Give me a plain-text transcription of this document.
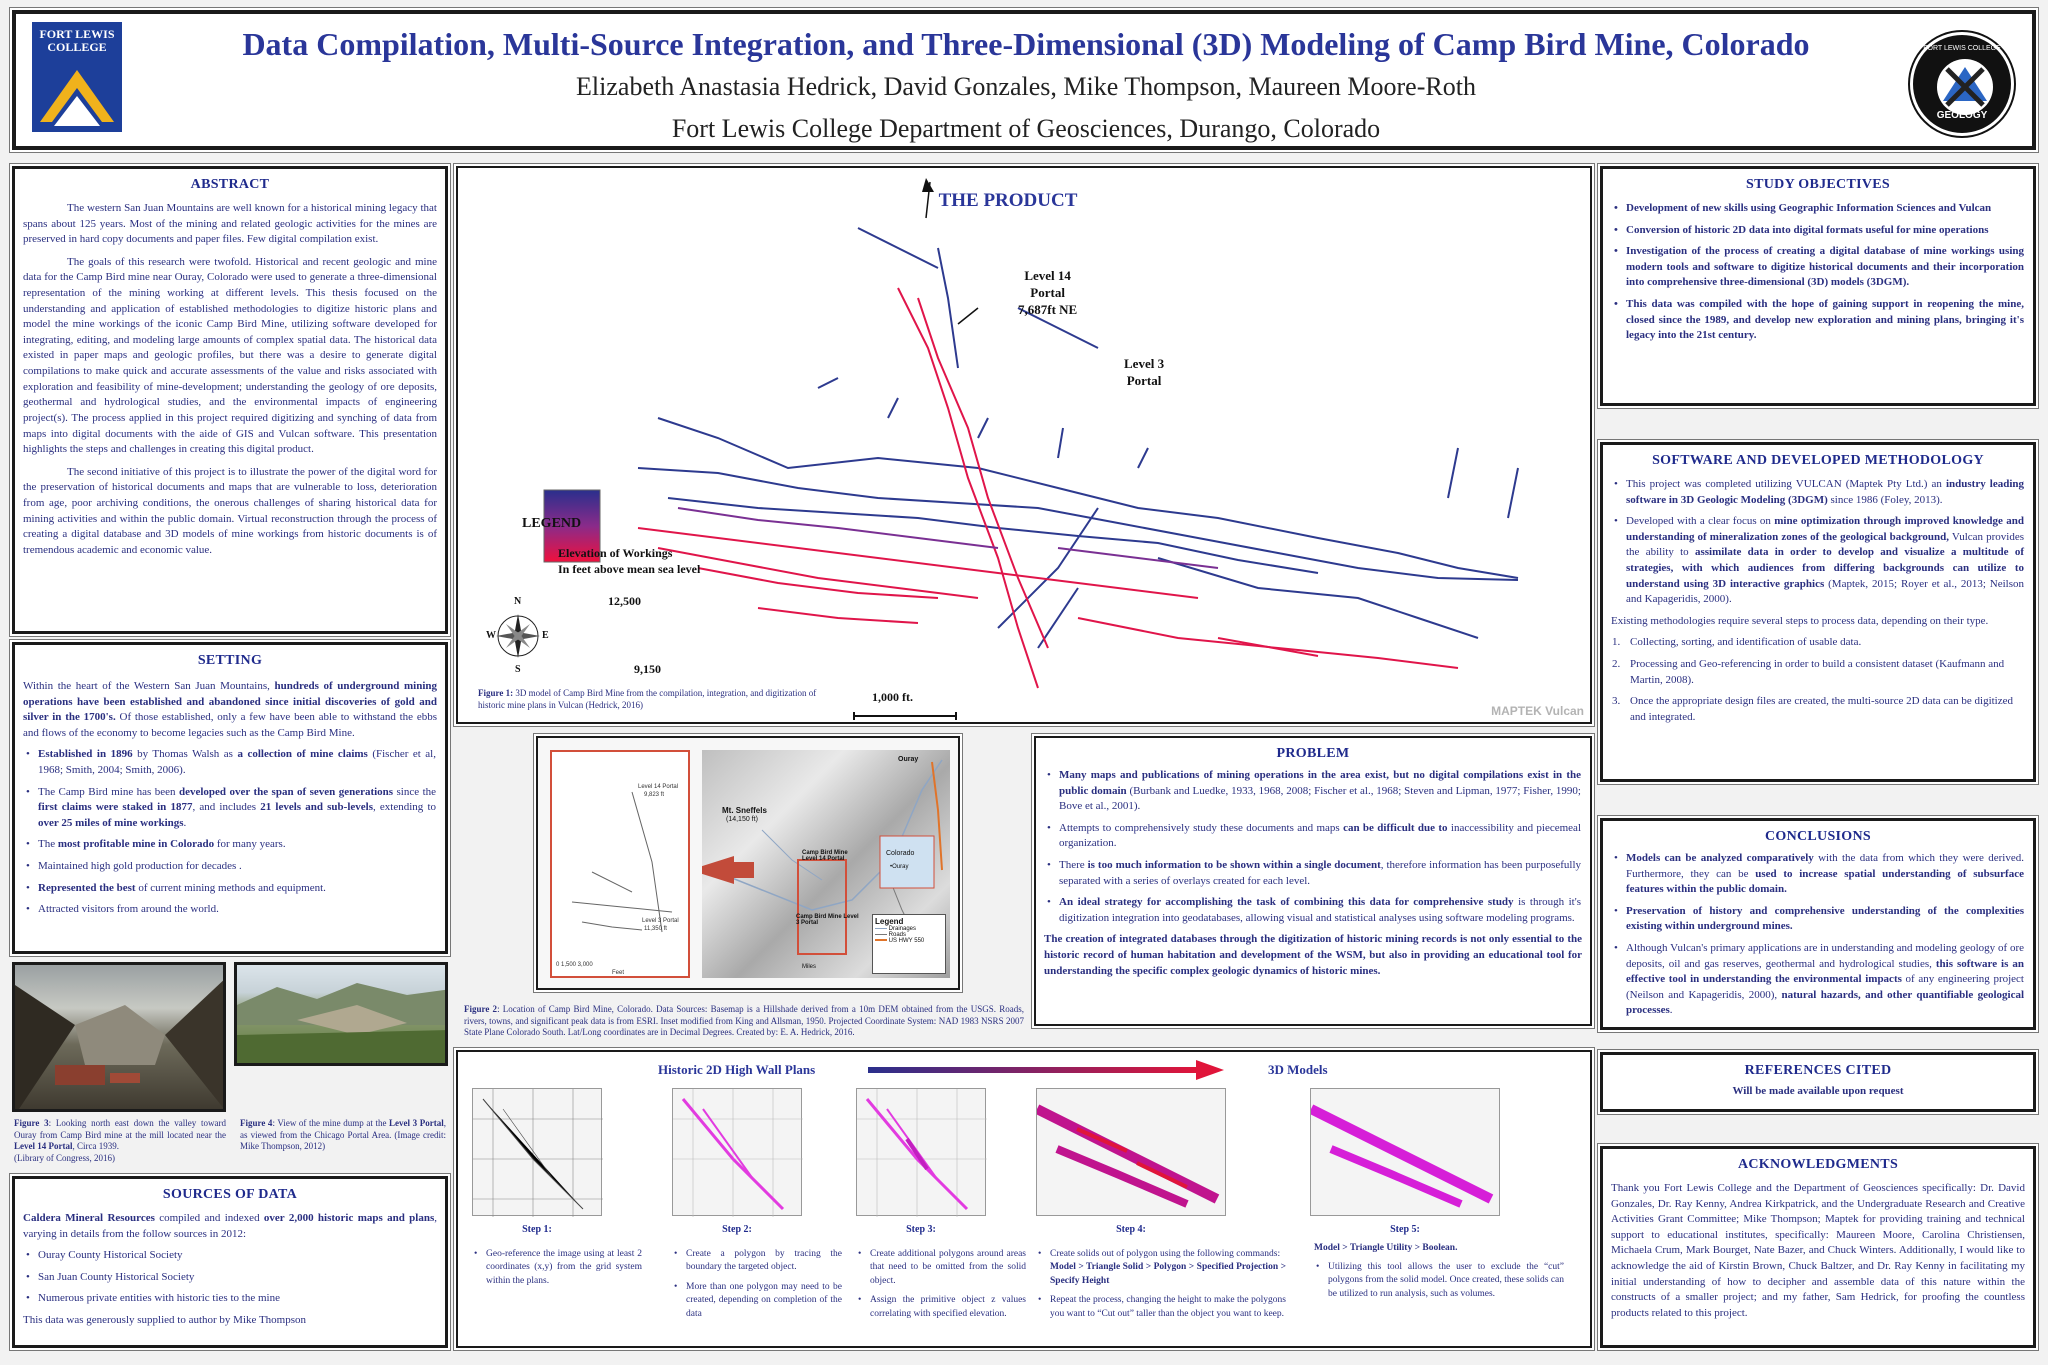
FORT LEWIS COLLEGE	Data Compilation, Multi-Source Integration, and Three-Dimensional (3D) Modeling of Camp Bird Mine, Colorado
Elizabeth Anastasia Hedrick, David Gonzales, Mike Thompson, Maureen Moore-Roth
Fort Lewis College Department of Geosciences, Durango, Colorado
FORT LEWIS COLLEGE
GEOLOGY
ABSTRACT

The western San Juan Mountains are well known for a historical mining legacy that spans about 125 years. Most of the mining and related geologic activities for the mines are preserved in hard copy documents and paper files. Few digital compilation exist.

The goals of this research were twofold. Historical and recent geologic and mine data for the Camp Bird mine near Ouray, Colorado were used to generate a three-dimensional representation of the mining working at different levels. This thesis focused on the understanding and application of established methodologies to digitize historic plans and model the mine workings of the iconic Camp Bird Mine, utilizing software developed for integrating, editing, and modeling large amounts of complex spatial data. The historical data existed in paper maps and geologic profiles, but there was a desire to generate digital compilations to make quick and accurate assessments of the value and risks associated with exploration and feasibility of mine-development; understanding the geology of ore deposits, geothermal and hydrological studies, and the environmental impacts of engineering project(s). The process applied in this project required digitizing and synching of data from maps into digital documents with the aide of GIS and Vulcan software. This presentation highlights the steps and challenges in creating this digital product.

The second initiative of this project is to illustrate the power of the digital word for the preservation of historical documents and maps that are vulnerable to loss, deterioration from age, poor archiving conditions, the onerous challenges of sharing historical data for mining activities and within the public domain. Virtual reconstruction through the process of creating a digital database and 3D models of mine workings from historic documents is of tremendous academic and economic value.

SETTING
Within the heart of the Western San Juan Mountains, hundreds of underground mining operations have been established and abandoned since initial discoveries of gold and silver in the 1700's. Of those established, only a few have been able to withstand the ebbs and flows of the economy to become legacies such as the Camp Bird Mine.
• Established in 1896 by Thomas Walsh as a collection of mine claims (Fischer et al, 1968; Smith, 2004; Smith, 2006).
• The Camp Bird mine has been developed over the span of seven generations since the first claims were staked in 1877, and includes 21 levels and sub-levels, extending to over 25 miles of mine workings.
• The most profitable mine in Colorado for many years.
• Maintained high gold production for decades .
• Represented the best of current mining methods and equipment.
• Attracted visitors from around the world.
Figure 3: Looking north east down the valley toward Ouray from Camp Bird mine at the mill located near the Level 14 Portal, Circa 1939.
(Library of Congress, 2016)
Figure 4: View of the mine dump at the Level 3 Portal, as viewed from the Chicago Portal Area. (Image credit: Mike Thompson, 2012)
SOURCES OF DATA
Caldera Mineral Resources compiled and indexed over 2,000 historic maps and plans, varying in details from the follow sources in 2012:
• Ouray County Historical Society
• San Juan County Historical Society
• Numerous private entities with historic ties to the mine
This data was generously supplied to author by Mike Thompson
THE PRODUCT
Level 14
Portal
7,687ft NE
Level 3
Portal
LEGEND
Elevation of Workings
In feet above mean sea level
12,500
9,150
N
S
E
W
1,000 ft.
Figure 1: 3D model of Camp Bird Mine from the compilation, integration, and digitization of historic mine plans in Vulcan (Hedrick, 2016)	MAPTEK Vulcan
Level 14 Portal
9,823 ft
Level 3 Portal
11,350 ft
0 1,500 3,000
Feet
Ouray
Mt. Sneffels
(14,150 ft)
Camp Bird Mine Level 14 Portal
Camp Bird Mine Level 3 Portal
Colorado
•Ouray
Legend
Drainages
Roads
US HWY 550
Miles
Figure 2: Location of Camp Bird Mine, Colorado. Data Sources: Basemap is a Hillshade derived from a 10m DEM obtained from the USGS. Roads, rivers, towns, and significant peak data is from ESRI. Inset modified from King and Allsman, 1950. Projected Coordinate System: NAD 1983 NSRS 2007 State Plane Colorado South. Lat/Long coordinates are in Decimal Degrees. Created by: E. A. Hedrick, 2016.
PROBLEM
• Many maps and publications of mining operations in the area exist, but no digital compilations exist in the public domain (Burbank and Luedke, 1933, 1968, 2008; Fischer et al., 1968; Steven and Lipman, 1977; Fisher, 1990; Bove et al., 2001).
• Attempts to comprehensively study these documents and maps can be difficult due to inaccessibility and piecemeal organization.
• There is too much information to be shown within a single document, therefore information has been purposefully separated with a series of overlays created for each level.
• An ideal strategy for accomplishing the task of combining this data for comprehensive study is through it's digitization integration into geodatabases, allowing visual and statistical analyses using software modeling programs.
The creation of integrated databases through the digitization of historic mining records is not only essential to the historic record of human habitation and development of the WSM, but also in providing an educational tool for understanding the specific complex geologic dynamics of historic mines.
Historic 2D High Wall Plans	3D Models
Step 1:
• Geo-reference the image using at least 2 coordinates (x,y) from the grid system within the plans.
Step 2:
• Create a polygon by tracing the boundary the targeted object.
• More than one polygon may need to be created, depending on completion of the data
Step 3:
• Create additional polygons around areas that need to be omitted from the solid object.
• Assign the primitive object z values correlating with specified elevation.
Step 4:
• Create solids out of polygon using the following commands:
Model > Triangle Solid > Polygon > Specified Projection > Specify Height
• Repeat the process, changing the height to make the polygons you want to “Cut out” taller than the object you want to keep.
Step 5:
Model > Triangle Utility > Boolean.
• Utilizing this tool allows the user to exclude the “cut” polygons from the solid model. Once created, these solids can be utilized to run analysis, such as volumes.
STUDY OBJECTIVES
• Development of new skills using Geographic Information Sciences and Vulcan
• Conversion of historic 2D data into digital formats useful for mine operations
• Investigation of the process of creating a digital database of mine workings using modern tools and software to digitize historical documents and their incorporation into comprehensive three-dimensional (3D) models (3DGM).
• This data was compiled with the hope of gaining support in reopening the mine, closed since the 1989, and develop new exploration and mining plans, bringing it's legacy into the 21st century.
SOFTWARE AND DEVELOPED METHODOLOGY
• This project was completed utilizing VULCAN (Maptek Pty Ltd.) an industry leading software in 3D Geologic Modeling (3DGM) since 1986 (Foley, 2013).
• Developed with a clear focus on mine optimization through improved knowledge and understanding of mineralization zones of the geological background, Vulcan provides the ability to assimilate data in order to develop and visualize a multitude of strategies, with which audiences from differing backgrounds can utilize to understand using 3D interactive graphics (Maptek, 2015; Royer et al., 2013; Neilson and Kapageridis, 2000).
Existing methodologies require several steps to process data, depending on their type.
1. Collecting, sorting, and identification of usable data.
2. Processing and Geo-referencing in order to build a consistent dataset (Kaufmann and Martin, 2008).
3. Once the appropriate design files are created, the multi-source 2D data can be digitized and integrated.
CONCLUSIONS
• Models can be analyzed comparatively with the data from which they were derived. Furthermore, they can be used to increase spatial understanding of subsurface features within the public domain.
• Preservation of history and comprehensive understanding of the complexities existing within underground mines.
• Although Vulcan's primary applications are in understanding and modeling geology of ore deposits, oil and gas reserves, geothermal and hydrological studies, this software is an effective tool in understanding the environmental impacts of any engineering project (Neilson and Kapageridis, 2000), natural hazards, and other quantifiable geological processes.
REFERENCES CITED
Will be made available upon request
ACKNOWLEDGMENTS
Thank you Fort Lewis College and the Department of Geosciences specifically: Dr. David Gonzales, Dr. Ray Kenny, Andrea Kirkpatrick, and the Undergraduate Research and Creative Activities Grant Committee; Mike Thompson; Maptek for providing training and technical support to educational institutes, specifically: Maureen Moore, Carolina Christiensen, Michaela Crum, Mark Bourget, Nate Bazer, and Chuck Winters. Additionally, I would like to acknowledge the aid of Kirstin Brown, Chuck Baltzer, and Dr. Ray Kenny in facilitating my initial understanding of how to decipher and assemble data of this nature within the constructs of a smaller project; and my father, Sam Hedrick, for proofing the countless products related to this project.
